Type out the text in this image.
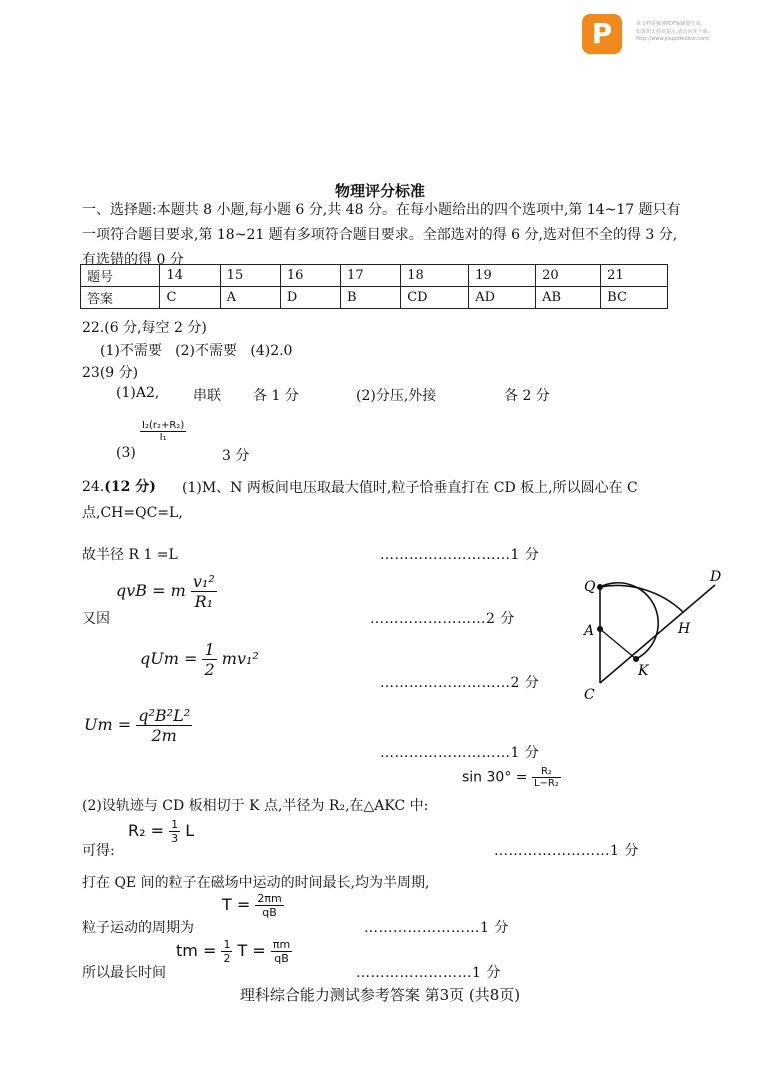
P	该文档是极速PDF编辑器生成,
如果想去掉该提示,请访问并下载:
http://www.jisupdfeditor.com/
物理评分标准
一、选择题:本题共 8 小题,每小题 6 分,共 48 分。在每小题给出的四个选项中,第 14~17 题只有一项符合题目要求,第 18~21 题有多项符合题目要求。全部选对的得 6 分,选对但不全的得 3 分,有选错的得 0 分
题号	14	15	16	17	18	19	20	21
答案	C	A	D	B	CD	AD	AB	BC
22.(6 分,每空 2 分)
(1)不需要   (2)不需要   (4)2.0
23(9 分)
(1)A2, 串联 各 1 分	(2)分压,外接	各 2 分
(3)
$\frac{\text{I₂(r₂+R₂)}}{\text{I₁}}$
3 分
24.(12 分)	(1)M、N 两板间电压取最大值时,粒子恰垂直打在 CD 板上,所以圆心在 C 点,CH=QC=L,
故半径 R 1 =L	………………………1 分
qvB = m $\frac{\text{v₁²}}{\text{R₁}}$
又因	……………………2 分
qUm = $\frac{1}{2} mv_1^2$
………………………2 分
$Um = \frac{\text{q²B²L²}}{2m}$
………………………1 分
$\sin 30^\circ = \frac{\text{R₂}}{\text{L−R₂}}$
(2)设轨迹与 CD 板相切于 K 点,半径为 R₂,在△AKC 中:
$R_2 = \frac{1}{3}$ L
可得:	……………………1 分
打在 QE 间的粒子在磁场中运动的时间最长,均为半周期,
$T = \frac{2\pi m}{qB}$
粒子运动的周期为	……………………1 分
tm = $\frac{1}{2}$ $T = \frac{\pi m}{qB}$
所以最长时间	……………………1 分
Q
A
C
K
H
D
理科综合能力测试参考答案 第3页 (共8页)
